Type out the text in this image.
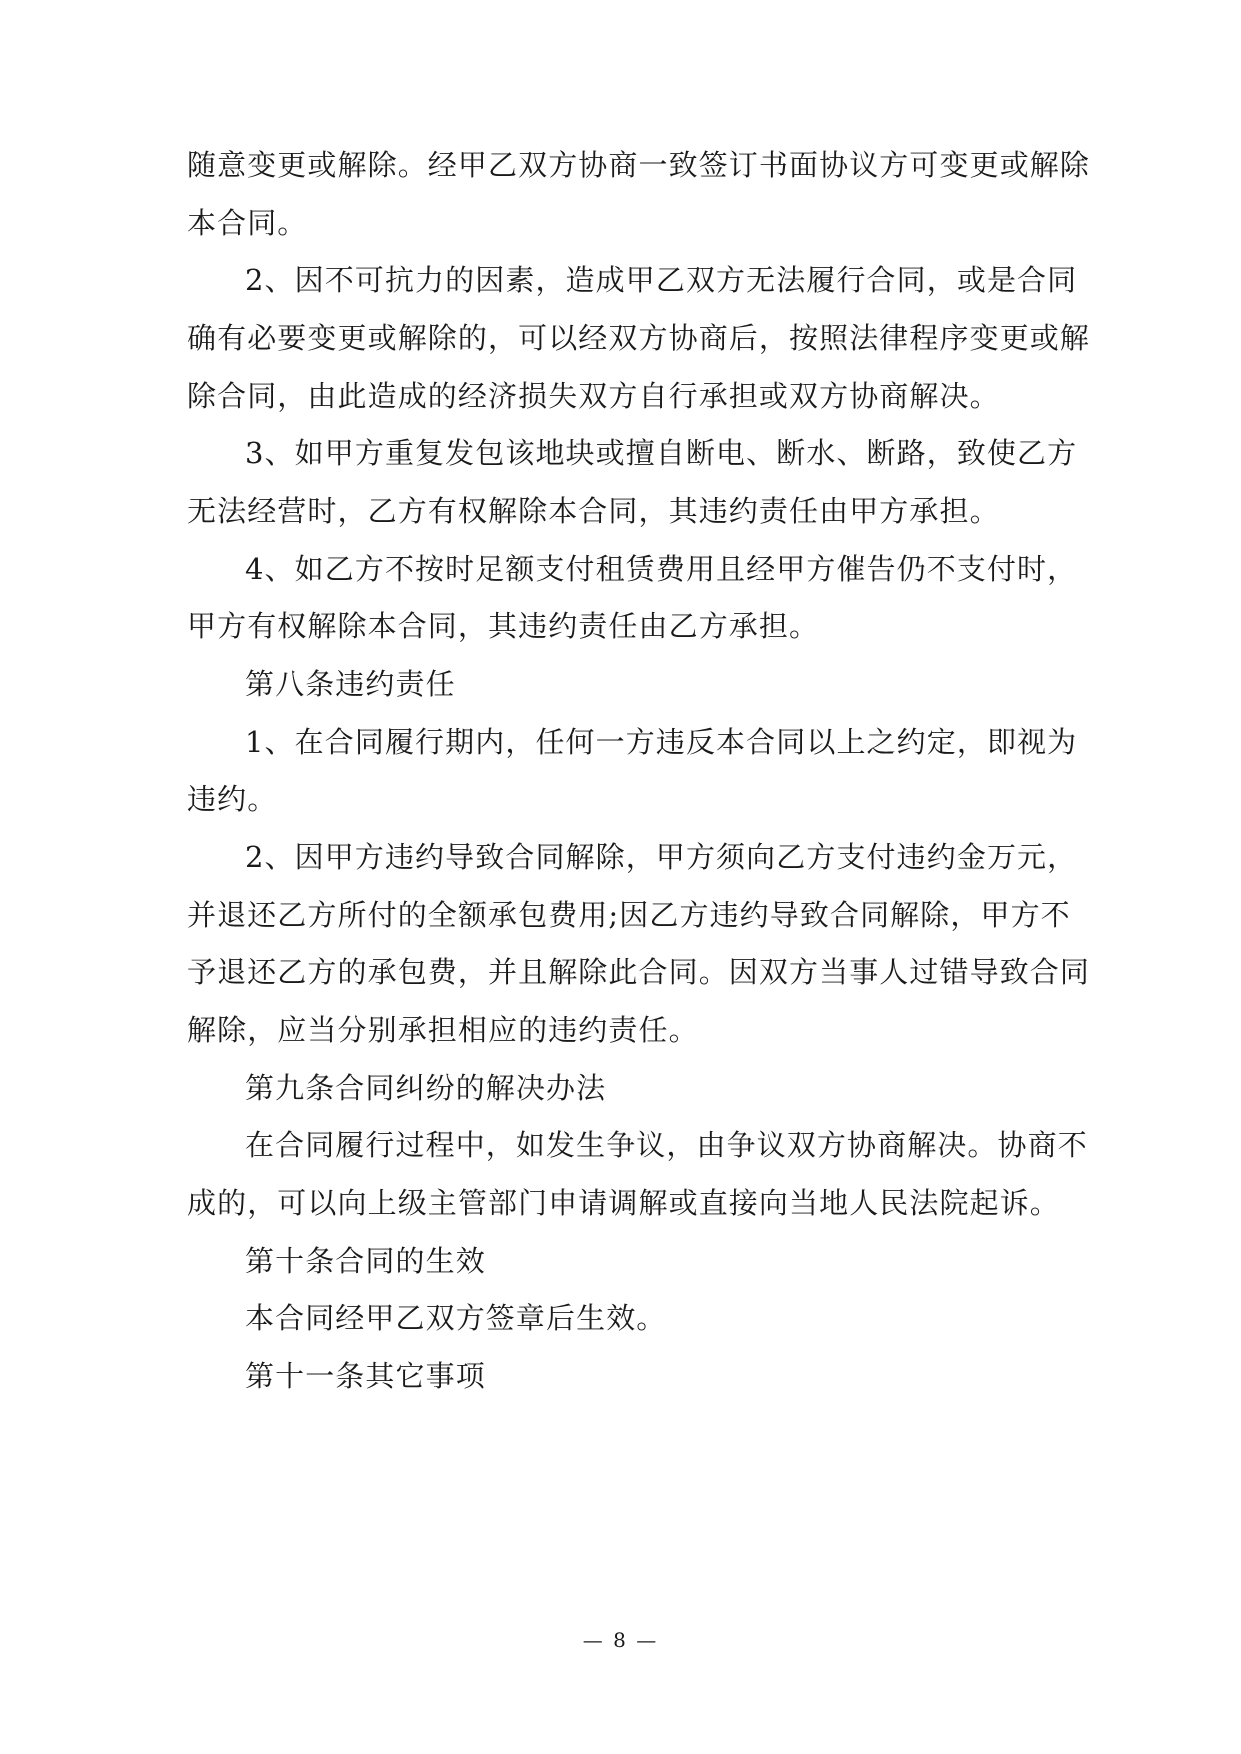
随意变更或解除。经甲乙双方协商一致签订书面协议方可变更或解除
本合同。
2、因不可抗力的因素，造成甲乙双方无法履行合同，或是合同
确有必要变更或解除的，可以经双方协商后，按照法律程序变更或解
除合同，由此造成的经济损失双方自行承担或双方协商解决。
3、如甲方重复发包该地块或擅自断电、断水、断路，致使乙方
无法经营时，乙方有权解除本合同，其违约责任由甲方承担。
4、如乙方不按时足额支付租赁费用且经甲方催告仍不支付时，
甲方有权解除本合同，其违约责任由乙方承担。
第八条违约责任
1、在合同履行期内，任何一方违反本合同以上之约定，即视为
违约。
2、因甲方违约导致合同解除，甲方须向乙方支付违约金万元，
并退还乙方所付的全额承包费用;因乙方违约导致合同解除，甲方不
予退还乙方的承包费，并且解除此合同。因双方当事人过错导致合同
解除，应当分别承担相应的违约责任。
第九条合同纠纷的解决办法
在合同履行过程中，如发生争议，由争议双方协商解决。协商不
成的，可以向上级主管部门申请调解或直接向当地人民法院起诉。
第十条合同的生效
本合同经甲乙双方签章后生效。
第十一条其它事项
— 8 —
